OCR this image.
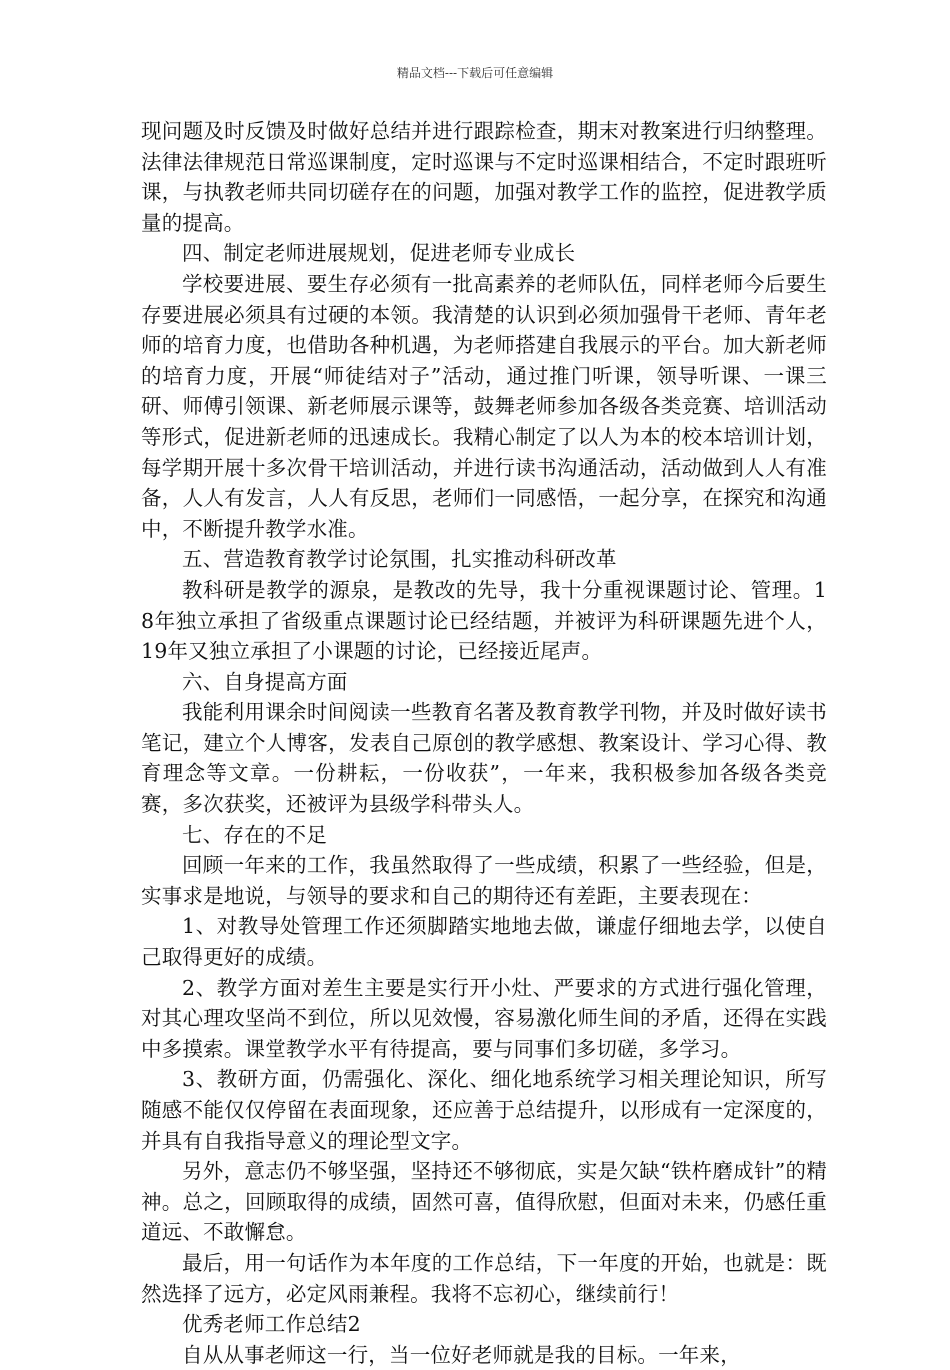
精品文档---下载后可任意编辑

现问题及时反馈及时做好总结并进行跟踪检查，期末对教案进行归纳整理。法律法律规范日常巡课制度，定时巡课与不定时巡课相结合，不定时跟班听课，与执教老师共同切磋存在的问题，加强对教学工作的监控，促进教学质量的提高。

四、制定老师进展规划，促进老师专业成长

学校要进展、要生存必须有一批高素养的老师队伍，同样老师今后要生存要进展必须具有过硬的本领。我清楚的认识到必须加强骨干老师、青年老师的培育力度，也借助各种机遇，为老师搭建自我展示的平台。加大新老师的培育力度，开展“师徒结对子”活动，通过推门听课，领导听课、一课三研、师傅引领课、新老师展示课等，鼓舞老师参加各级各类竞赛、培训活动等形式，促进新老师的迅速成长。我精心制定了以人为本的校本培训计划，每学期开展十多次骨干培训活动，并进行读书沟通活动，活动做到人人有准备，人人有发言，人人有反思，老师们一同感悟，一起分享，在探究和沟通中，不断提升教学水准。

五、营造教育教学讨论氛围，扎实推动科研改革

教科研是教学的源泉，是教改的先导，我十分重视课题讨论、管理。18年独立承担了省级重点课题讨论已经结题，并被评为科研课题先进个人，19年又独立承担了小课题的讨论，已经接近尾声。

六、自身提高方面

我能利用课余时间阅读一些教育名著及教育教学刊物，并及时做好读书笔记，建立个人博客，发表自己原创的教学感想、教案设计、学习心得、教育理念等文章。一份耕耘，一份收获”，一年来，我积极参加各级各类竞赛，多次获奖，还被评为县级学科带头人。

七、存在的不足

回顾一年来的工作，我虽然取得了一些成绩，积累了一些经验，但是，实事求是地说，与领导的要求和自己的期待还有差距，主要表现在：

1、对教导处管理工作还须脚踏实地地去做，谦虚仔细地去学，以使自己取得更好的成绩。

2、教学方面对差生主要是实行开小灶、严要求的方式进行强化管理，对其心理攻坚尚不到位，所以见效慢，容易激化师生间的矛盾，还得在实践中多摸索。课堂教学水平有待提高，要与同事们多切磋，多学习。

3、教研方面，仍需强化、深化、细化地系统学习相关理论知识，所写随感不能仅仅停留在表面现象，还应善于总结提升，以形成有一定深度的，并具有自我指导意义的理论型文字。

另外，意志仍不够坚强，坚持还不够彻底，实是欠缺“铁杵磨成针”的精神。总之，回顾取得的成绩，固然可喜，值得欣慰，但面对未来，仍感任重道远、不敢懈怠。

最后，用一句话作为本年度的工作总结，下一年度的开始，也就是：既然选择了远方，必定风雨兼程。我将不忘初心，继续前行！

优秀老师工作总结2

自从从事老师这一行，当一位好老师就是我的目标。一年来，
